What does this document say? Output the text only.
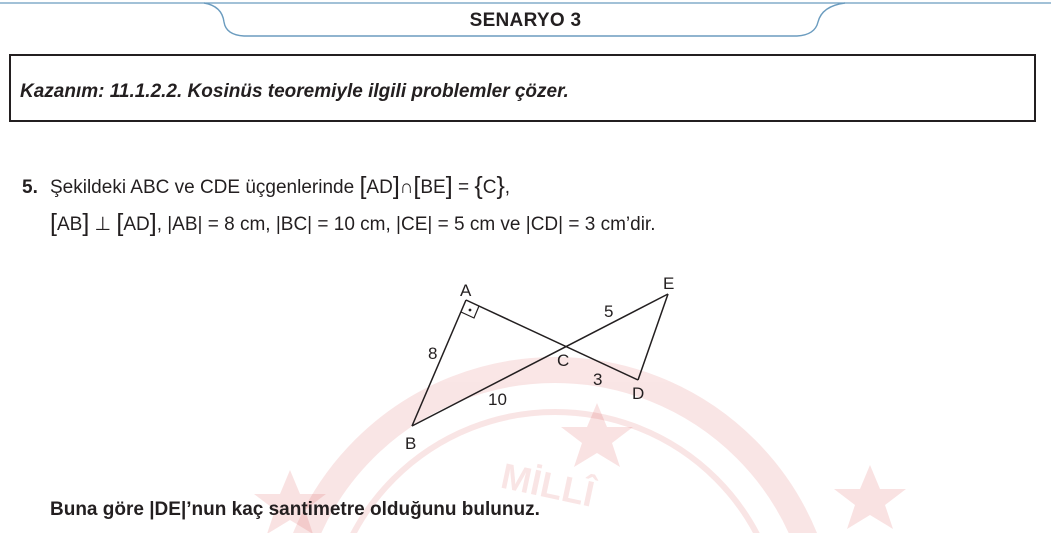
MİLLÎ
SENARYO 3
Kazanım: 11.1.2.2. Kosinüs teoremiyle ilgili problemler çözer.
5. Şekildeki ABC ve CDE üçgenlerinde [AD]∩[BE] = {C},
[AB] ⊥ [AD], |AB| = 8 cm, |BC| = 10 cm, |CE| = 5 cm ve |CD| = 3 cm’dir.
A
B
C
D
E
8
10
5
3
Buna göre |DE|’nun kaç santimetre olduğunu bulunuz.
